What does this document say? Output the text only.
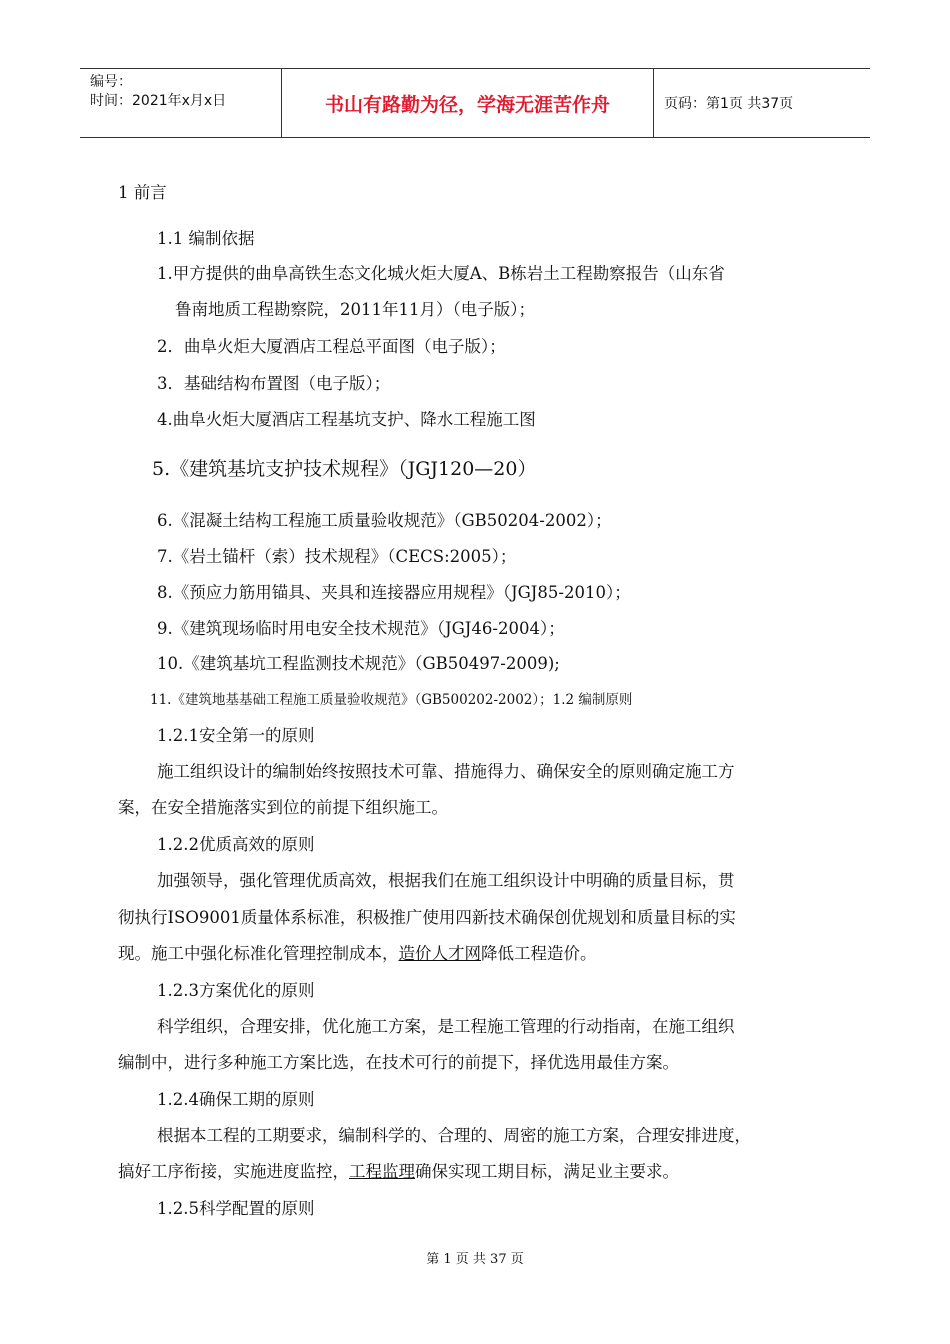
编号：
时间：2021年x月x日	书山有路勤为径，学海无涯苦作舟	页码：第1页 共37页
1 前言
1.1 编制依据
1.甲方提供的曲阜高铁生态文化城火炬大厦A、B栋岩土工程勘察报告（山东省
鲁南地质工程勘察院，2011年11月）（电子版）；
2．曲阜火炬大厦酒店工程总平面图（电子版）；
3．基础结构布置图（电子版）；
4.曲阜火炬大厦酒店工程基坑支护、降水工程施工图
5.《建筑基坑支护技术规程》（JGJ120—20）
6.《混凝土结构工程施工质量验收规范》（GB50204-2002）；
7.《岩土锚杆（索）技术规程》（CECS:2005）；
8.《预应力筋用锚具、夹具和连接器应用规程》（JGJ85-2010）；
9.《建筑现场临时用电安全技术规范》（JGJ46-2004）；
10.《建筑基坑工程监测技术规范》（GB50497-2009);
11.《建筑地基基础工程施工质量验收规范》（GB500202-2002）；1.2 编制原则
1.2.1安全第一的原则
施工组织设计的编制始终按照技术可靠、措施得力、确保安全的原则确定施工方
案，在安全措施落实到位的前提下组织施工。
1.2.2优质高效的原则
加强领导，强化管理优质高效，根据我们在施工组织设计中明确的质量目标，贯
彻执行ISO9001质量体系标准，积极推广使用四新技术确保创优规划和质量目标的实
现。施工中强化标准化管理控制成本，造价人才网降低工程造价。
1.2.3方案优化的原则
科学组织，合理安排，优化施工方案，是工程施工管理的行动指南，在施工组织
编制中，进行多种施工方案比选，在技术可行的前提下，择优选用最佳方案。
1.2.4确保工期的原则
根据本工程的工期要求，编制科学的、合理的、周密的施工方案，合理安排进度，
搞好工序衔接，实施进度监控，工程监理确保实现工期目标，满足业主要求。
1.2.5科学配置的原则
第 1 页 共 37 页
